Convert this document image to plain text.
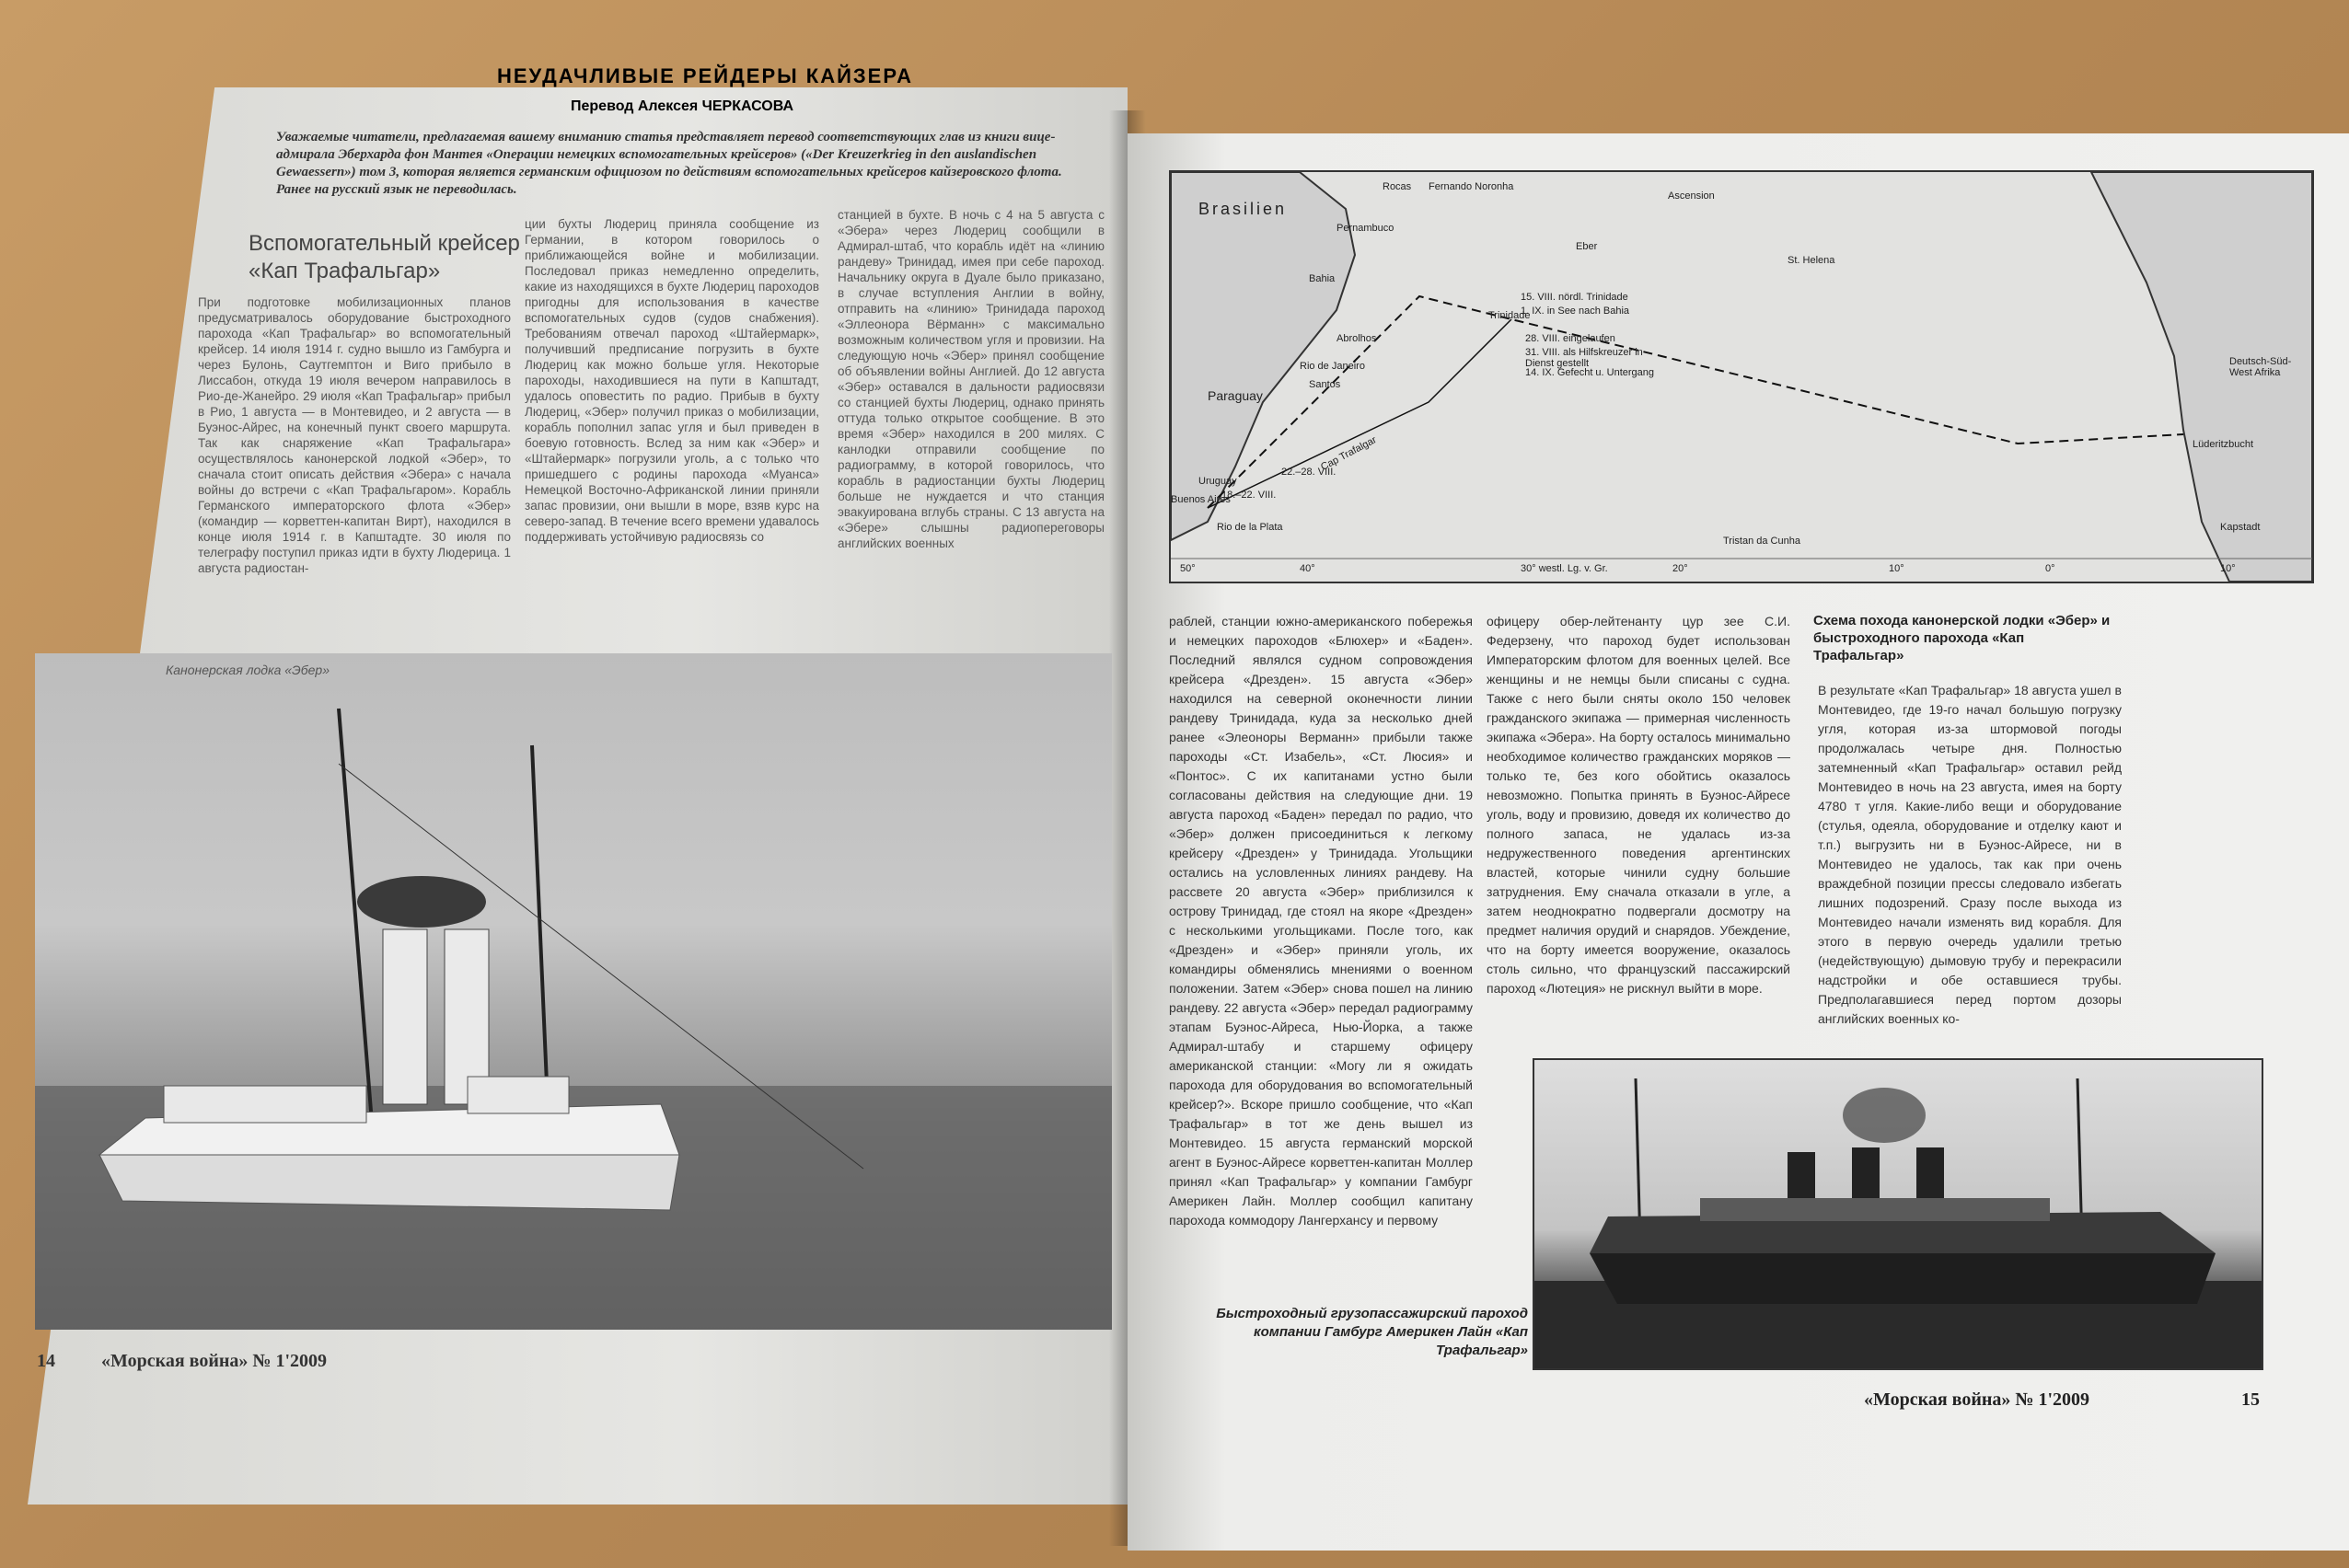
НЕУДАЧЛИВЫЕ РЕЙДЕРЫ КАЙЗЕРА
Перевод Алексея ЧЕРКАСОВА
Уважаемые читатели, предлагаемая вашему вниманию статья представляет перевод соответствующих глав из книги вице-адмирала Эберхарда фон Мантея «Операции немецких вспомогательных крейсеров» («Der Kreuzerkrieg in den auslandischen Gewaessern») том 3, которая является германским официозом по действиям вспомогательных крейсеров кайзеровского флота. Ранее на русский язык не переводилась.
Вспомогательный крейсер «Кап Трафальгар»
При подготовке мобилизационных планов предусматривалось оборудование быстроходного парохода «Кап Трафальгар» во вспомогательный крейсер. 14 июля 1914 г. судно вышло из Гамбурга и через Булонь, Саутгемптон и Виго прибыло в Лиссабон, откуда 19 июля вечером направилось в Рио-де-Жанейро. 29 июля «Кап Трафальгар» прибыл в Рио, 1 августа — в Монтевидео, и 2 августа — в Буэнос-Айрес, на конечный пункт своего маршрута. Так как снаряжение «Кап Трафальгара» осуществлялось канонерской лодкой «Эбер», то сначала стоит описать действия «Эбера» с начала войны до встречи с «Кап Трафальгаром». Корабль Германского императорского флота «Эбер» (командир — корветтен-капитан Вирт), находился в конце июля 1914 г. в Капштадте. 30 июля по телеграфу поступил приказ идти в бухту Людерица. 1 августа радиостан-
ции бухты Людериц приняла сообщение из Германии, в котором говорилось о приближающейся войне и мобилизации. Последовал приказ немедленно определить, какие из находящихся в бухте Людериц пароходов пригодны для использования в качестве вспомогательных судов (судов снабжения). Требованиям отвечал пароход «Штайермарк», получивший предписание погрузить в бухте Людериц как можно больше угля. Некоторые пароходы, находившиеся на пути в Капштадт, удалось оповестить по радио. Прибыв в бухту Людериц, «Эбер» получил приказ о мобилизации, корабль пополнил запас угля и был приведен в боевую готовность. Вслед за ним как «Эбер» и «Штайермарк» погрузили уголь, а с только что пришедшего с родины парохода «Муанса» Немецкой Восточно-Африканской линии приняли запас провизии, они вышли в море, взяв курс на северо-запад. В течение всего времени удавалось поддерживать устойчивую радиосвязь со
станцией в бухте. В ночь с 4 на 5 августа с «Эбера» через Людериц сообщили в Адмирал-штаб, что корабль идёт на «линию рандеву» Тринидад, имея при себе пароход. Начальнику округа в Дуале было приказано, в случае вступления Англии в войну, отправить на «линию» Тринидада пароход «Эллеонора Вёрманн» с максимально возможным количеством угля и провизии. На следующую ночь «Эбер» принял сообщение об объявлении войны Англией. До 12 августа «Эбер» оставался в дальности радиосвязи со станцией бухты Людериц, однако принять оттуда только открытое сообщение. В это время «Эбер» находился в 200 милях. С канлодки отправили сообщение по радиограмму, в которой говорилось, что корабль в радиостанции бухты Людериц больше не нуждается и что станция эвакуирована вглубь страны. С 13 августа на «Эбере» слышны радиопереговоры английских военных
Канонерская лодка «Эбер»
14	«Морская война» № 1'2009
Brasilien
Pernambuco
Bahia
Abrolhos
Rio de Janeiro
Santos
Paraguay
Uruguay
Buenos Aires
Rio de la Plata
Trinidade
Cap Trafalgar
Eber
Ascension
St. Helena
Deutsch-Süd-West Afrika
Kapstadt
Lüderitzbucht
Tristan da Cunha
Rocas Fernando Noronha
15. VIII. nördl. Trinidade
1. IX. in See nach Bahia
28. VIII. eingelaufen
31. VIII. als Hilfskreuzer in Dienst gestellt
14. IX. Gefecht u. Untergang
18.–22. VIII.
22.–28. VIII.
50°	40°	30° westl. Lg. v. Gr.	20°	10°	0°	10°
Схема похода канонерской лодки «Эбер» и быстроходного парохода «Кап Трафальгар»
раблей, станции южно-американского побережья и немецких пароходов «Блюхер» и «Баден». Последний являлся судном сопровождения крейсера «Дрезден». 15 августа «Эбер» находился на северной оконечности линии рандеву Тринидада, куда за несколько дней ранее «Элеоноры Верманн» прибыли также пароходы «Ст. Изабель», «Ст. Люсия» и «Понтос». С их капитанами устно были согласованы действия на следующие дни. 19 августа пароход «Баден» передал по радио, что «Эбер» должен присоединиться к легкому крейсеру «Дрезден» у Тринидада. Угольщики остались на условленных линиях рандеву. На рассвете 20 августа «Эбер» приблизился к острову Тринидад, где стоял на якоре «Дрезден» с несколькими угольщиками. После того, как «Дрезден» и «Эбер» приняли уголь, их командиры обменялись мнениями о военном положении. Затем «Эбер» снова пошел на линию рандеву. 22 августа «Эбер» передал радиограмму этапам Буэнос-Айреса, Нью-Йорка, а также Адмирал-штабу и старшему офицеру американской станции: «Могу ли я ожидать парохода для оборудования во вспомогательный крейсер?». Вскоре пришло сообщение, что «Кап Трафальгар» в тот же день вышел из Монтевидео. 15 августа германский морской агент в Буэнос-Айресе корветтен-капитан Моллер принял «Кап Трафальгар» у компании Гамбург Америкен Лайн. Моллер сообщил капитану парохода коммодору Лангерхансу и первому
офицеру обер-лейтенанту цур зее С.И. Федерзену, что пароход будет использован Императорским флотом для военных целей. Все женщины и не немцы были списаны с судна. Также с него были сняты около 150 человек гражданского экипажа — примерная численность экипажа «Эбера». На борту осталось минимально необходимое количество гражданских моряков — только те, без кого обойтись оказалось невозможно. Попытка принять в Буэнос-Айресе уголь, воду и провизию, доведя их количество до полного запаса, не удалась из-за недружественного поведения аргентинских властей, которые чинили судну большие затруднения. Ему сначала отказали в угле, а затем неоднократно подвергали досмотру на предмет наличия орудий и снарядов. Убеждение, что на борту имеется вооружение, оказалось столь сильно, что французский пассажирский пароход «Лютеция» не рискнул выйти в море.
В результате «Кап Трафальгар» 18 августа ушел в Монтевидео, где 19-го начал большую погрузку угля, которая из-за штормовой погоды продолжалась четыре дня. Полностью затемненный «Кап Трафальгар» оставил рейд Монтевидео в ночь на 23 августа, имея на борту 4780 т угля. Какие-либо вещи и оборудование (стулья, одеяла, оборудование и отделку кают и т.п.) выгрузить ни в Буэнос-Айресе, ни в Монтевидео не удалось, так как при очень враждебной позиции прессы следовало избегать лишних подозрений. Сразу после выхода из Монтевидео начали изменять вид корабля. Для этого в первую очередь удалили третью (недействующую) дымовую трубу и перекрасили надстройки и обе оставшиеся трубы. Предполагавшиеся перед портом дозоры английских военных ко-
Быстроходный грузопассажирский пароход компании Гамбург Америкен Лайн «Кап Трафальгар»
«Морская война» № 1'2009	15
